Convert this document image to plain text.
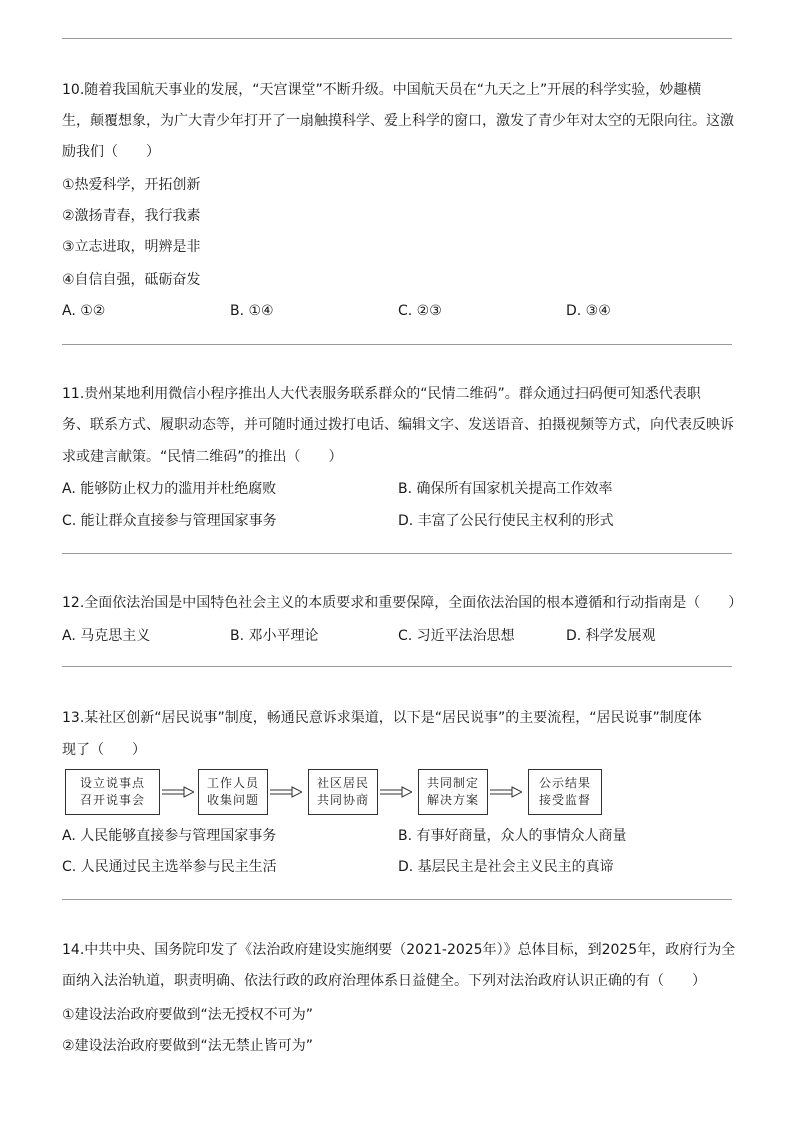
10.随着我国航天事业的发展，“天宫课堂”不断升级。中国航天员在“九天之上”开展的科学实验，妙趣横
生，颠覆想象，为广大青少年打开了一扇触摸科学、爱上科学的窗口，激发了青少年对太空的无限向往。这激
励我们（　　）
①热爱科学，开拓创新
②激扬青春，我行我素
③立志进取，明辨是非
④自信自强，砥砺奋发
A. ①②	B. ①④	C. ②③	D. ③④
11.贵州某地利用微信小程序推出人大代表服务联系群众的“民情二维码”。群众通过扫码便可知悉代表职
务、联系方式、履职动态等，并可随时通过拨打电话、编辑文字、发送语音、拍摄视频等方式，向代表反映诉
求或建言献策。“民情二维码”的推出（　　）
A. 能够防止权力的滥用并杜绝腐败	B. 确保所有国家机关提高工作效率
C. 能让群众直接参与管理国家事务	D. 丰富了公民行使民主权利的形式
12.全面依法治国是中国特色社会主义的本质要求和重要保障，全面依法治国的根本遵循和行动指南是（　　）
A. 马克思主义	B. 邓小平理论	C. 习近平法治思想	D. 科学发展观
13.某社区创新“居民说事”制度，畅通民意诉求渠道，以下是“居民说事”的主要流程，“居民说事”制度体
现了（　　）
设立说事点
召开说事会
工作人员
收集问题
社区居民
共同协商
共同制定
解决方案
公示结果
接受监督
A. 人民能够直接参与管理国家事务	B. 有事好商量，众人的事情众人商量
C. 人民通过民主选举参与民主生活	D. 基层民主是社会主义民主的真谛
14.中共中央、国务院印发了《法治政府建设实施纲要（2021-2025年）》总体目标，到2025年，政府行为全
面纳入法治轨道，职责明确、依法行政的政府治理体系日益健全。下列对法治政府认识正确的有（　　）
①建设法治政府要做到“法无授权不可为”
②建设法治政府要做到“法无禁止皆可为”
